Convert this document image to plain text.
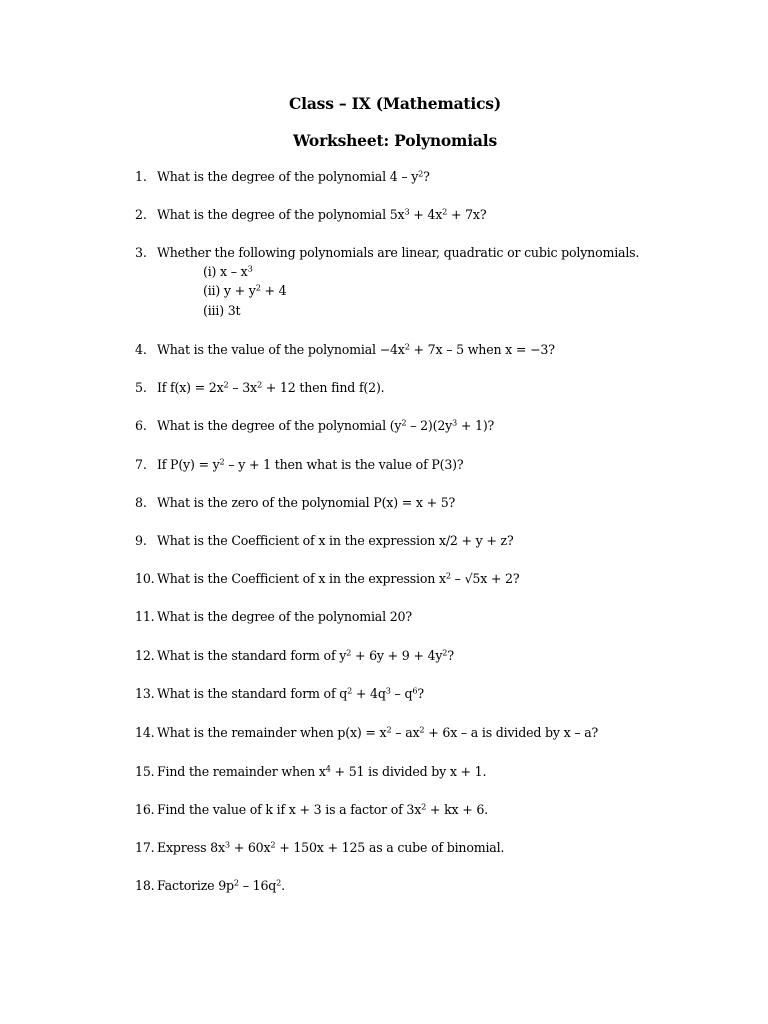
Class – IX (Mathematics)
Worksheet: Polynomials
1. What is the degree of the polynomial $4 - y^2$?
2. What is the degree of the polynomial $5x^3 + 4x^2 + 7x$?
3. Whether the following polynomials are linear, quadratic or cubic polynomials.
(i) x – $x^3$
(ii) $y + y^2 + 4$
(iii) 3t
4. What is the value of the polynomial $-4x^2 + 7x - 5$ when x = −3?
5. If $f(x) = 2x^2 - 3x^2 + 12$ then find f(2).
6. What is the degree of the polynomial $(y^2 - 2)(2y^3 + 1)$?
7. If $P(y) = y^2 - y + 1$ then what is the value of P(3)?
8. What is the zero of the polynomial P(x) = x + 5?
9. What is the Coefficient of x in the expression x/2 + y + z?
10. What is the Coefficient of x in the expression $x^2 - √5x + 2$?
11. What is the degree of the polynomial 20?
12. What is the standard form of $y^2 + 6y + 9 + 4y^2$?
13. What is the standard form of $q^2 + 4q^3 - q^6$?
14. What is the remainder when $p(x) = x^2 - ax^2 + 6x - a$ is divided by x – a?
15. Find the remainder when $x^4 + 51$ is divided by x + 1.
16. Find the value of k if x + 3 is a factor of $3x^2$ + kx + 6.
17. Express $8x^3 + 60x^2 + 150x + 125$ as a cube of binomial.
18. Factorize $9p^2 - 16q^2$.
